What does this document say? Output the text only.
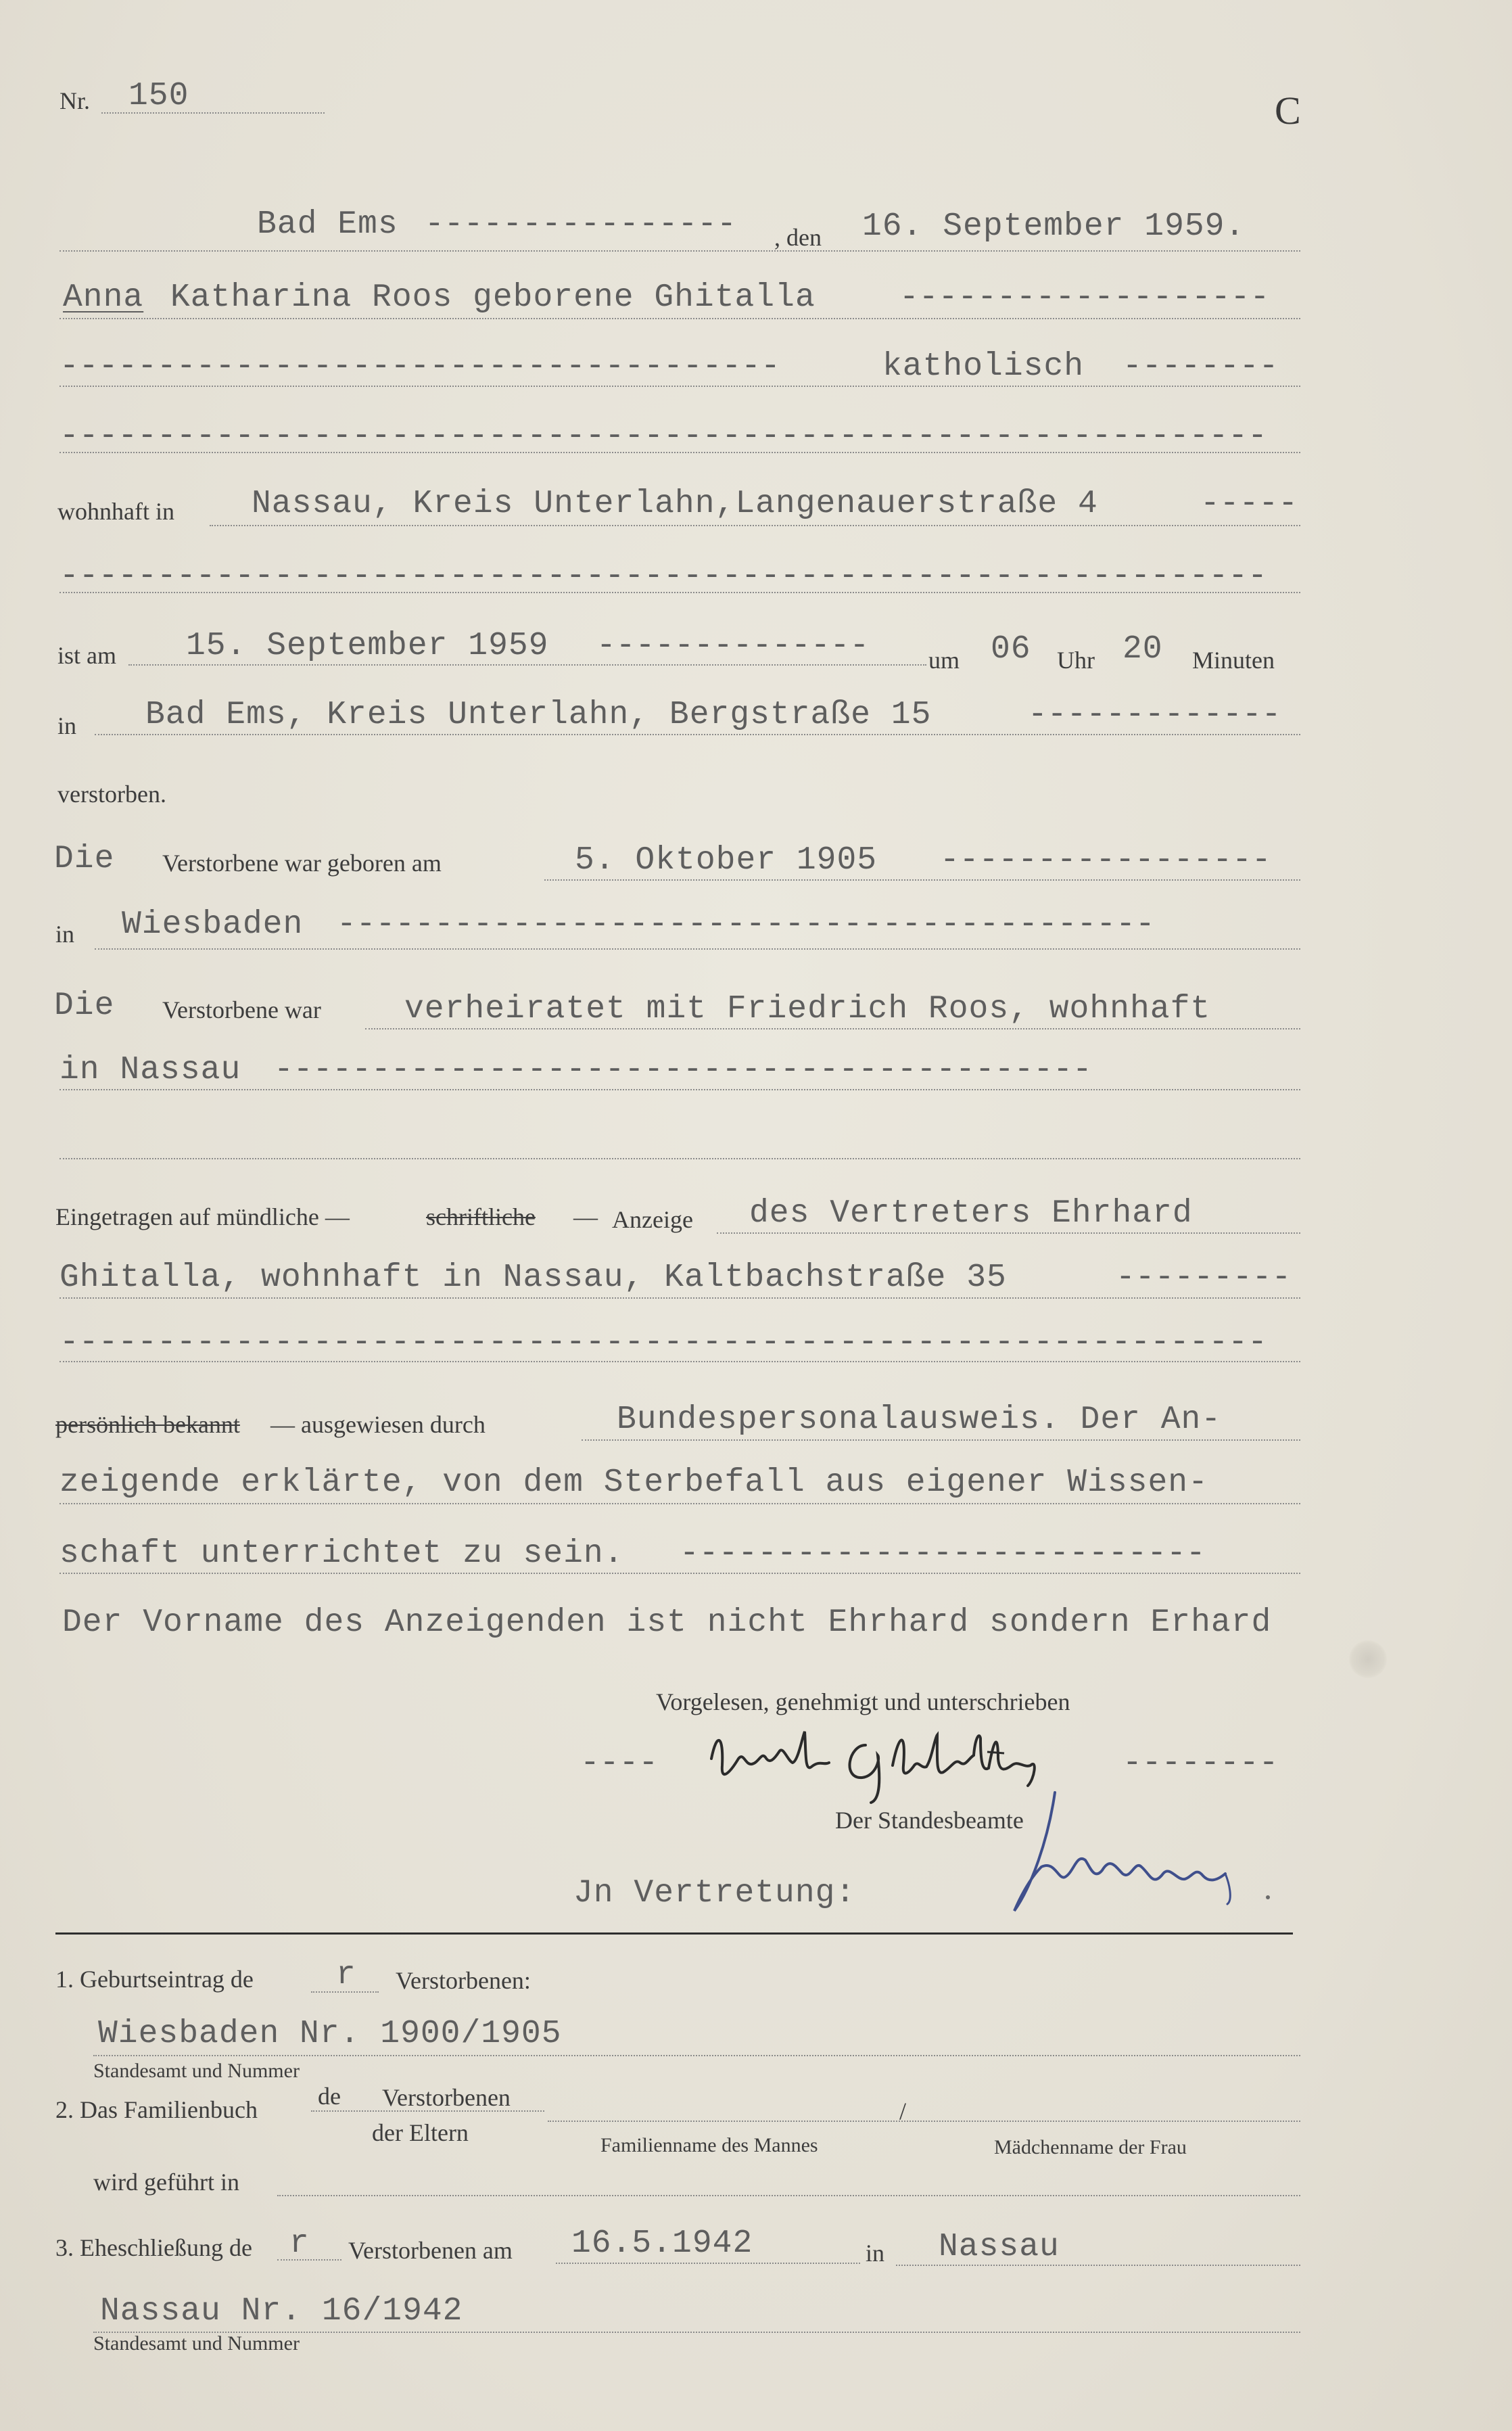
Nr. 150	C
Bad Ems ---------------- , den 16. September 1959.
Anna Katharina Roos geborene Ghitalla	-------------------
-------------------------------------	katholisch --------
--------------------------------------------------------------
wohnhaft in Nassau, Kreis Unterlahn,Langenauerstraße 4	-----
--------------------------------------------------------------
ist am 15. September 1959 -------------- um 06 Uhr 20 Minuten
in Bad Ems, Kreis Unterlahn, Bergstraße 15	-------------
verstorben.
Die Verstorbene war geboren am	5. Oktober 1905 -----------------
in Wiesbaden ------------------------------------------
Die Verstorbene war	verheiratet mit Friedrich Roos, wohnhaft
in Nassau ------------------------------------------
Eingetragen auf mündliche —	schriftliche — Anzeige des Vertreters Ehrhard
Ghitalla, wohnhaft in Nassau, Kaltbachstraße 35	---------
--------------------------------------------------------------
persönlich bekannt — ausgewiesen durch	Bundespersonalausweis. Der An-
zeigende erklärte, von dem Sterbefall aus eigener Wissen-
schaft unterrichtet zu sein. ---------------------------
Der Vorname des Anzeigenden ist nicht Ehrhard sondern Erhard
Vorgelesen, genehmigt und unterschrieben
----	--------
Der Standesbeamte
Jn Vertretung:
1. Geburtseintrag de	r Verstorbenen:
Wiesbaden Nr. 1900/1905
Standesamt und Nummer
2. Das Familienbuch de Verstorbenen
der Eltern
/
Familienname des Mannes	Mädchenname der Frau
wird geführt in
3. Eheschließung de r Verstorbenen am 16.5.1942	in Nassau
Nassau Nr. 16/1942
Standesamt und Nummer
